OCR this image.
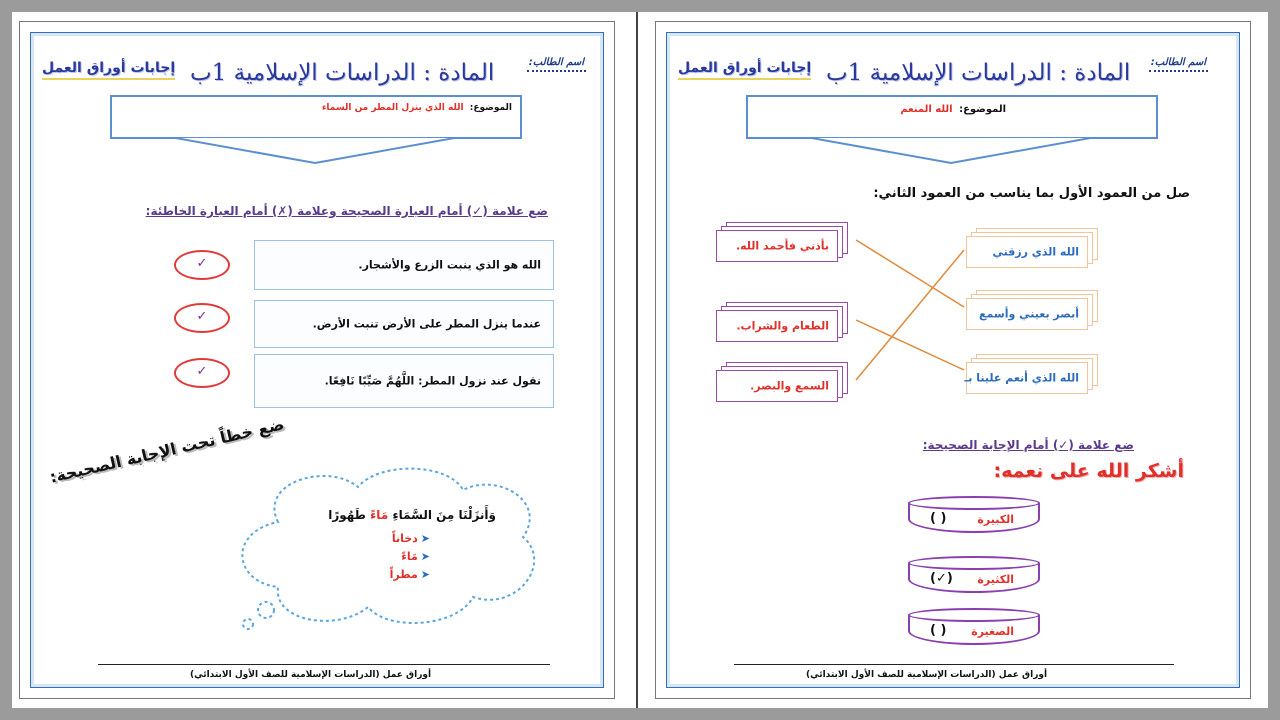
اسم الطالب:
المادة : الدراسات الإسلامية 1ب
إجابات أوراق العمل
الموضوع: الله الذي ينزل المطر من السماء
ضع علامة (✓) أمام العبارة الصحيحة وعلامة (✗) أمام العبارة الخاطئة:
الله هو الذي ينبت الزرع والأشجار.
✓
عندما ينزل المطر على الأرض تنبت الأرض.
✓
نقول عند نزول المطر: اللَّهُمَّ صَيِّبًا نَافِعًا.
✓
ضع خطاً تحت الإجابة الصحيحة:
وَأَنزَلْنَا مِنَ السَّمَاءِ مَاءً طَهُورًا
➤دخاناً
➤مَاءً
➤مطراً
أوراق عمل (الدراسات الإسلامية للصف الأول الابتدائي)
اسم الطالب:
المادة : الدراسات الإسلامية 1ب
إجابات أوراق العمل
الموضوع: الله المنعم
صل من العمود الأول بما يناسب من العمود الثاني:
بأذني فأحمد الله.
الطعام والشراب.
السمع والبصر.
الله الذي رزقني
أبصر بعيني وأسمع
الله الذي أنعم علينا بـ
ضع علامة (✓) أمام الإجابة الصحيحة:
أشكر الله على نعمه:
الكبيرة
( )
الكثيرة
(✓)
الصغيرة
( )
أوراق عمل (الدراسات الإسلامية للصف الأول الابتدائي)
